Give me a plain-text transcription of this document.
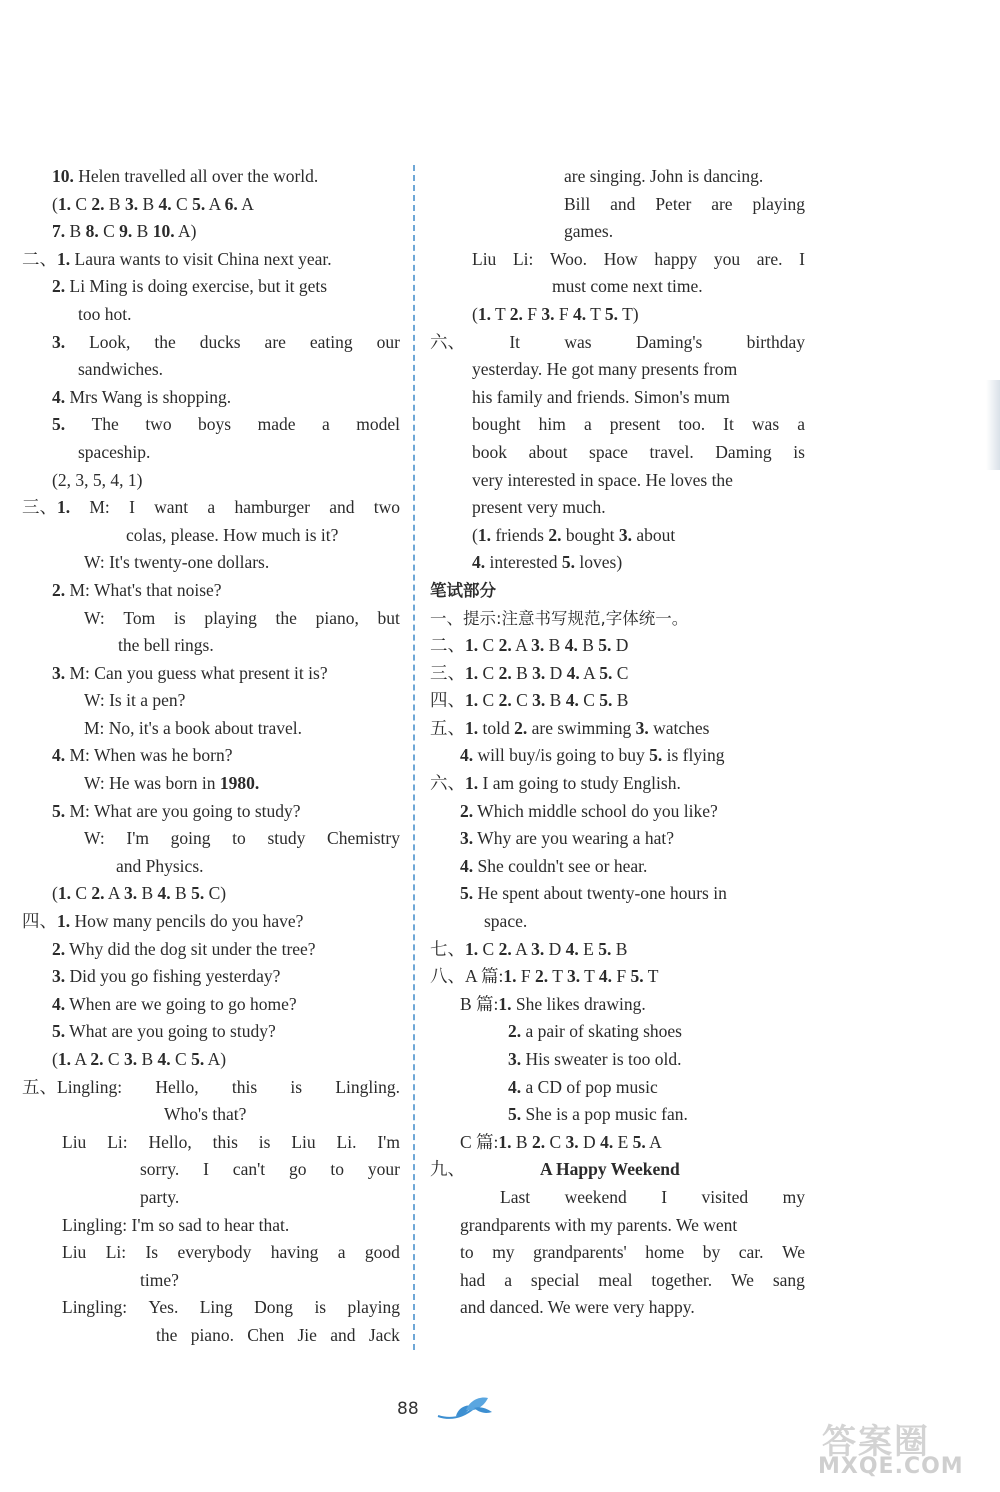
10. Helen travelled all over the world.
(1. C 2. B 3. B 4. C 5. A 6. A
7. B 8. C 9. B 10. A)
二、1. Laura wants to visit China next year.
2. Li Ming is doing exercise, but it gets
too hot.
3. Look, the ducks are eating our
sandwiches.
4. Mrs Wang is shopping.
5. The two boys made a model
spaceship.
(2, 3, 5, 4, 1)
三、1. M: I want a hamburger and two
colas, please. How much is it?
W: It's twenty-one dollars.
2. M: What's that noise?
W: Tom is playing the piano, but
the bell rings.
3. M: Can you guess what present it is?
W: Is it a pen?
M: No, it's a book about travel.
4. M: When was he born?
W: He was born in 1980.
5. M: What are you going to study?
W: I'm going to study Chemistry
and Physics.
(1. C 2. A 3. B 4. B 5. C)
四、1. How many pencils do you have?
2. Why did the dog sit under the tree?
3. Did you go fishing yesterday?
4. When are we going to go home?
5. What are you going to study?
(1. A 2. C 3. B 4. C 5. A)
五、Lingling: Hello, this is Lingling.
Who's that?
Liu Li: Hello, this is Liu Li. I'm
sorry. I can't go to your
party.
Lingling: I'm so sad to hear that.
Liu Li: Is everybody having a good
time?
Lingling: Yes. Ling Dong is playing
the piano. Chen Jie and Jack
are singing. John is dancing.
Bill and Peter are playing
games.
Liu Li: Woo. How happy you are. I
must come next time.
(1. T 2. F 3. F 4. T 5. T)
六、	It	was	Daming's	birthday
yesterday. He got many presents from
his family and friends. Simon's mum
bought him a present too. It was a
book about space travel. Daming is
very interested in space. He loves the
present very much.
(1. friends 2. bought 3. about
4. interested 5. loves)
笔试部分
一、提示:注意书写规范,字体统一。
二、1. C 2. A 3. B 4. B 5. D
三、1. C 2. B 3. D 4. A 5. C
四、1. C 2. C 3. B 4. C 5. B
五、1. told 2. are swimming 3. watches
4. will buy/is going to buy 5. is flying
六、1. I am going to study English.
2. Which middle school do you like?
3. Why are you wearing a hat?
4. She couldn't see or hear.
5. He spent about twenty-one hours in
space.
七、1. C 2. A 3. D 4. E 5. B
八、A 篇:1. F 2. T 3. T 4. F 5. T
B 篇:1. She likes drawing.
2. a pair of skating shoes
3. His sweater is too old.
4. a CD of pop music
5. She is a pop music fan.
C 篇:1. B 2. C 3. D 4. E 5. A
九、	A Happy Weekend
Last weekend I visited my
grandparents with my parents. We went
to my grandparents' home by car. We
had a special meal together. We sang
and danced. We were very happy.
88
答案圈
MXQE.COM
